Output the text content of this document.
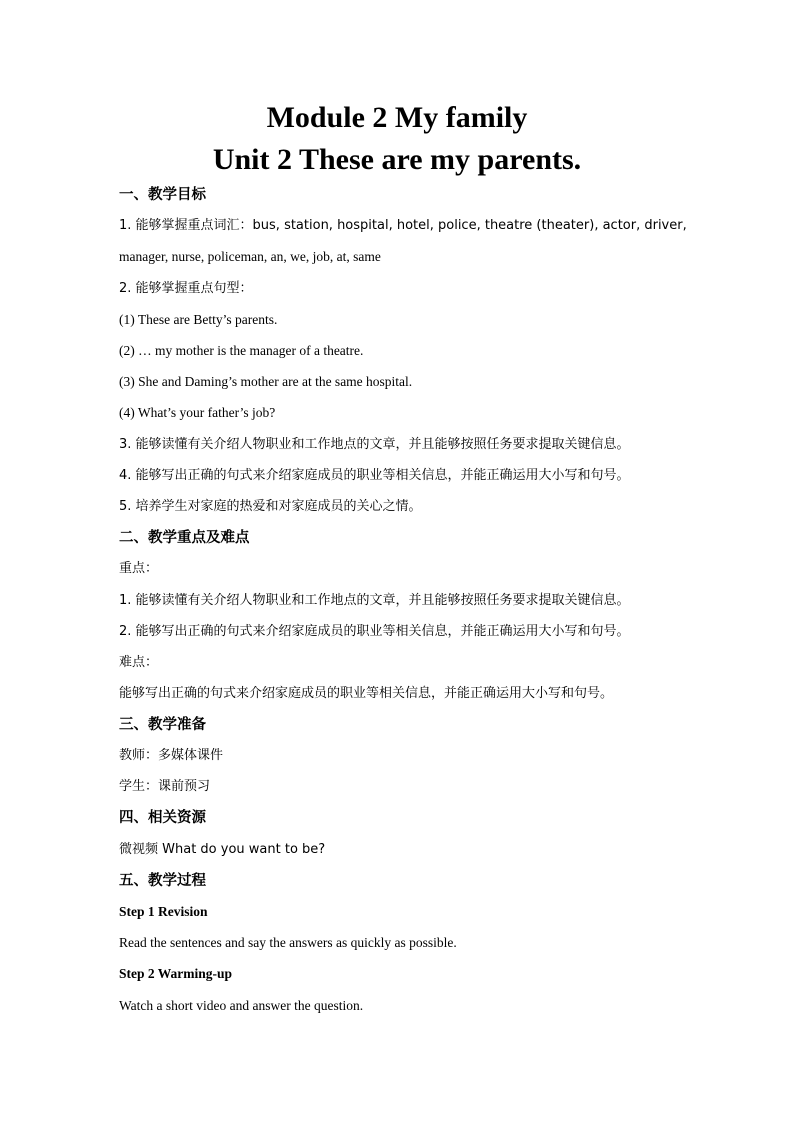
Module 2 My family
Unit 2 These are my parents.

一、教学目标

1. 能够掌握重点词汇：bus, station, hospital, hotel, police, theatre (theater), actor, driver,

manager, nurse, policeman, an, we, job, at, same

2. 能够掌握重点句型：

(1) These are Betty’s parents.

(2) … my mother is the manager of a theatre.

(3) She and Daming’s mother are at the same hospital.

(4) What’s your father’s job?

3. 能够读懂有关介绍人物职业和工作地点的文章，并且能够按照任务要求提取关键信息。

4. 能够写出正确的句式来介绍家庭成员的职业等相关信息，并能正确运用大小写和句号。

5. 培养学生对家庭的热爱和对家庭成员的关心之情。

二、教学重点及难点

重点：

1. 能够读懂有关介绍人物职业和工作地点的文章，并且能够按照任务要求提取关键信息。

2. 能够写出正确的句式来介绍家庭成员的职业等相关信息，并能正确运用大小写和句号。

难点：

能够写出正确的句式来介绍家庭成员的职业等相关信息，并能正确运用大小写和句号。

三、教学准备

教师：多媒体课件

学生：课前预习

四、相关资源

微视频 What do you want to be?

五、教学过程

Step 1 Revision

Read the sentences and say the answers as quickly as possible.

Step 2 Warming-up

Watch a short video and answer the question.
